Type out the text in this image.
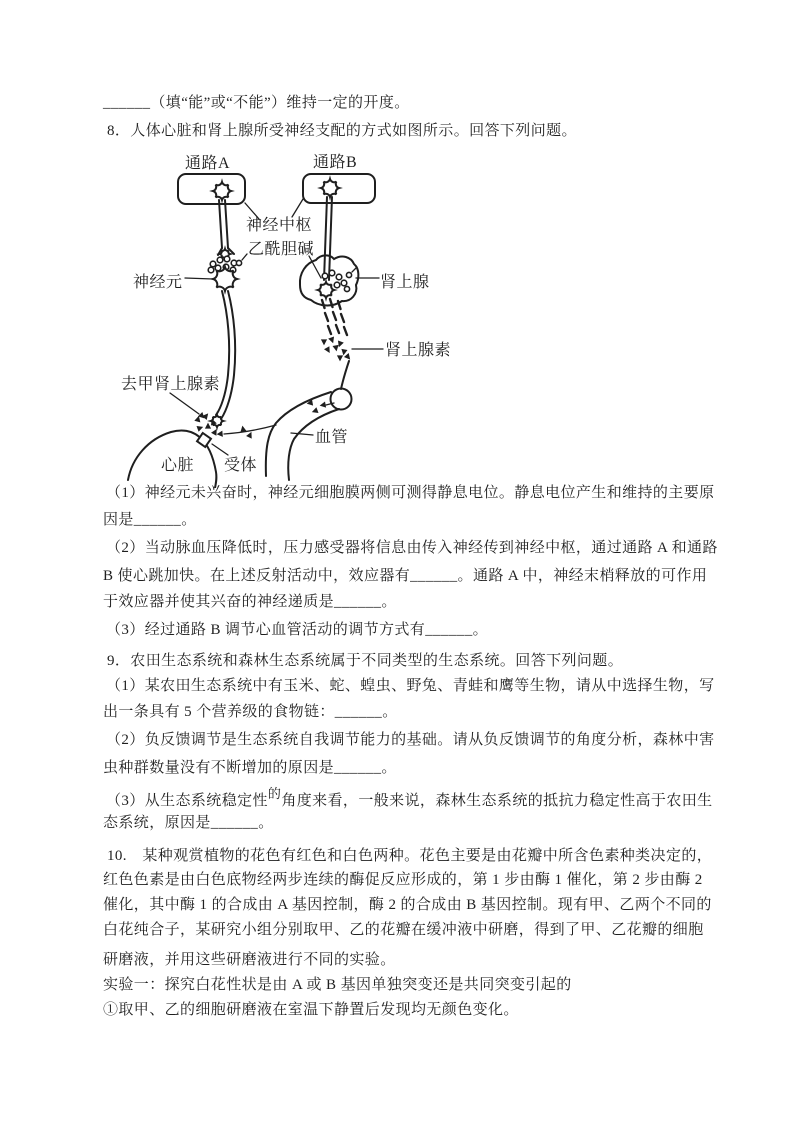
______（填“能”或“不能”）维持一定的开度。
8．人体心脏和肾上腺所受神经支配的方式如图所示。回答下列问题。
（1）神经元未兴奋时，神经元细胞膜两侧可测得静息电位。静息电位产生和维持的主要原
因是______。
（2）当动脉血压降低时，压力感受器将信息由传入神经传到神经中枢，通过通路 A 和通路
B 使心跳加快。在上述反射活动中，效应器有______。通路 A 中，神经末梢释放的可作用
于效应器并使其兴奋的神经递质是______。
（3）经过通路 B 调节心血管活动的调节方式有______。
9．农田生态系统和森林生态系统属于不同类型的生态系统。回答下列问题。
（1）某农田生态系统中有玉米、蛇、蝗虫、野兔、青蛙和鹰等生物，请从中选择生物，写
出一条具有 5 个营养级的食物链：______。
（2）负反馈调节是生态系统自我调节能力的基础。请从负反馈调节的角度分析，森林中害
虫种群数量没有不断增加的原因是______。
（3）从生态系统稳定性的角度来看，一般来说，森林生态系统的抵抗力稳定性高于农田生
态系统，原因是______。
10.　某种观赏植物的花色有红色和白色两种。花色主要是由花瓣中所含色素种类决定的，
红色色素是由白色底物经两步连续的酶促反应形成的，第 1 步由酶 1 催化，第 2 步由酶 2
催化，其中酶 1 的合成由 A 基因控制，酶 2 的合成由 B 基因控制。现有甲、乙两个不同的
白花纯合子，某研究小组分别取甲、乙的花瓣在缓冲液中研磨，得到了甲、乙花瓣的细胞
研磨液，并用这些研磨液进行不同的实验。
实验一：探究白花性状是由 A 或 B 基因单独突变还是共同突变引起的
①取甲、乙的细胞研磨液在室温下静置后发现均无颜色变化。
通路A
神经元
去甲肾上腺素
心脏 受体
通路B
神经中枢
乙酰胆碱
肾上腺
肾上腺素
血管
